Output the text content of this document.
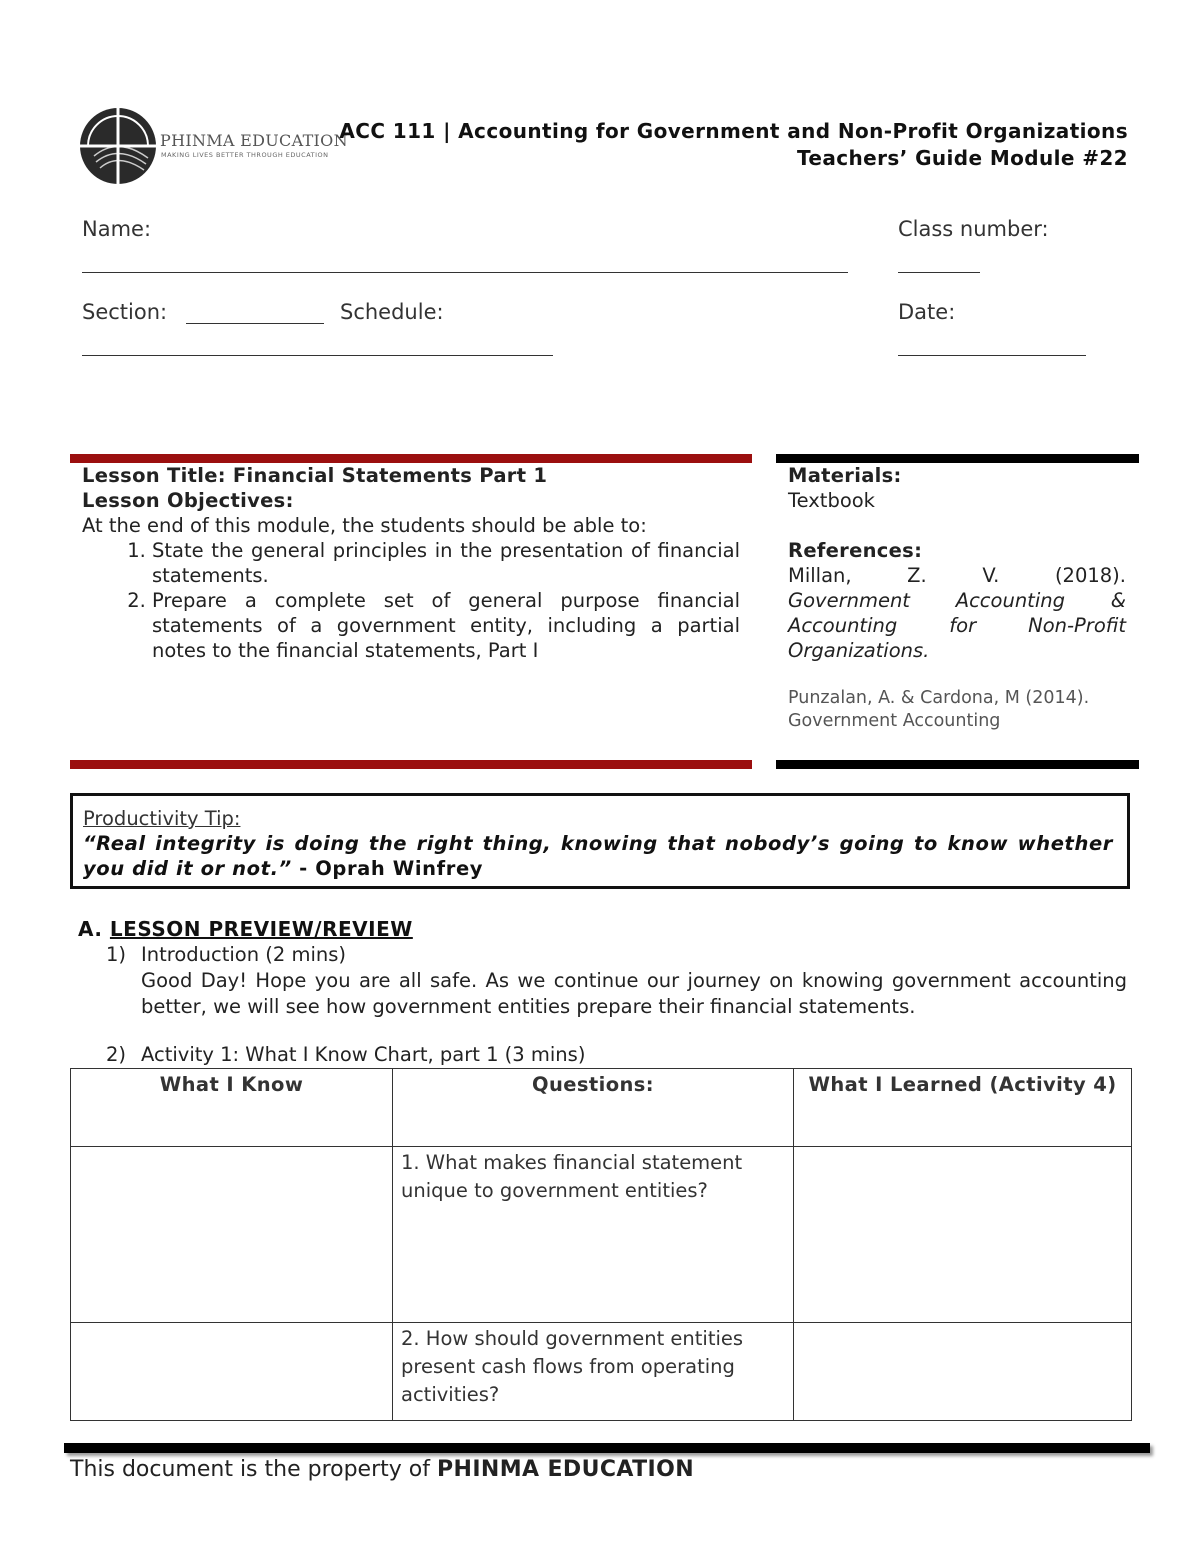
PHINMA EDUCATION
MAKING LIVES BETTER THROUGH EDUCATION
ACC 111 | Accounting for Government and Non-Profit Organizations
Teachers’ Guide Module #22
Name:	Class number:
Section:	Schedule:	Date:
Lesson Title: Financial Statements Part 1
Lesson Objectives:
At the end of this module, the students should be able to:
1. State the general principles in the presentation of financial statements.
2. Prepare a complete set of general purpose financial statements of a government entity, including a partial notes to the financial statements, Part I
Materials:
Textbook
References:
Millan, Z. V. (2018).
Government Accounting & Accounting for Non-Profit Organizations.
Punzalan, A. & Cardona, M (2014).
Government Accounting
Productivity Tip:
“Real integrity is doing the right thing, knowing that nobody’s going to know whether you did it or not.” - Oprah Winfrey
A. LESSON PREVIEW/REVIEW
1) Introduction (2 mins)
Good Day! Hope you are all safe. As we continue our journey on knowing government accounting better, we will see how government entities prepare their financial statements.
2) Activity 1: What I Know Chart, part 1 (3 mins)
What I Know	Questions:	What I Learned (Activity 4)
	1. What makes financial statement unique to government entities?	
	2. How should government entities present cash flows from operating activities?	
This document is the property of PHINMA EDUCATION
